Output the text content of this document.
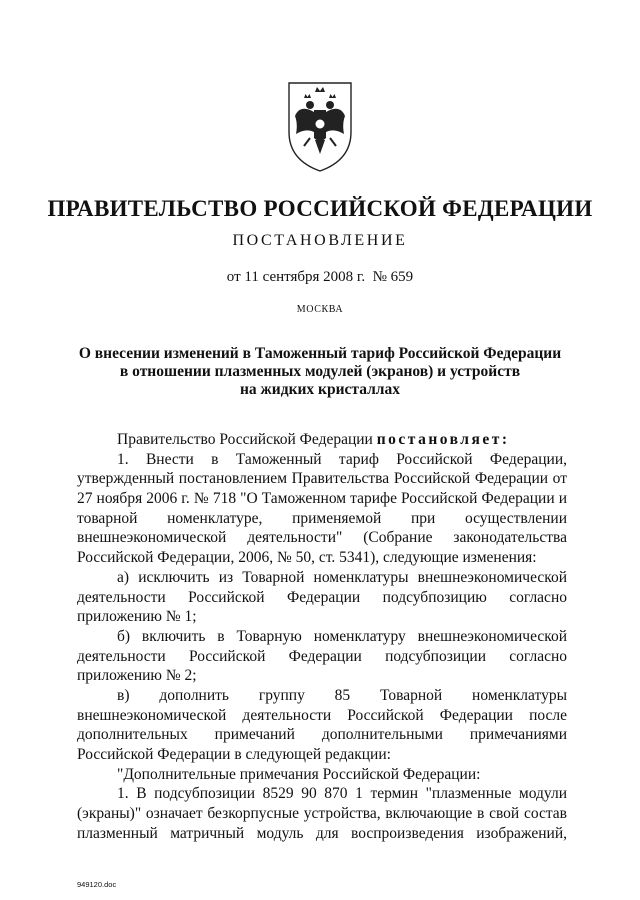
ПРАВИТЕЛЬСТВО РОССИЙСКОЙ ФЕДЕРАЦИИ
ПОСТАНОВЛЕНИЕ
от 11 сентября 2008 г. № 659
МОСКВА
О внесении изменений в Таможенный тариф Российской Федерации
в отношении плазменных модулей (экранов) и устройств
на жидких кристаллах
Правительство Российской Федерации постановляет:
1. Внести в Таможенный тариф Российской Федерации,
утвержденный постановлением Правительства Российской Федерации от
27 ноября 2006 г. № 718 "О Таможенном тарифе Российской Федерации и
товарной номенклатуре, применяемой при осуществлении
внешнеэкономической деятельности" (Собрание законодательства
Российской Федерации, 2006, № 50, ст. 5341), следующие изменения:
а) исключить из Товарной номенклатуры внешнеэкономической
деятельности Российской Федерации подсубпозицию согласно
приложению № 1;
б) включить в Товарную номенклатуру внешнеэкономической
деятельности Российской Федерации подсубпозиции согласно
приложению № 2;
в) дополнить группу 85 Товарной номенклатуры
внешнеэкономической деятельности Российской Федерации после
дополнительных примечаний дополнительными примечаниями
Российской Федерации в следующей редакции:
"Дополнительные примечания Российской Федерации:
1. В подсубпозиции 8529 90 870 1 термин "плазменные модули
(экраны)" означает безкорпусные устройства, включающие в свой состав
плазменный матричный модуль для воспроизведения изображений,
949120.doc
